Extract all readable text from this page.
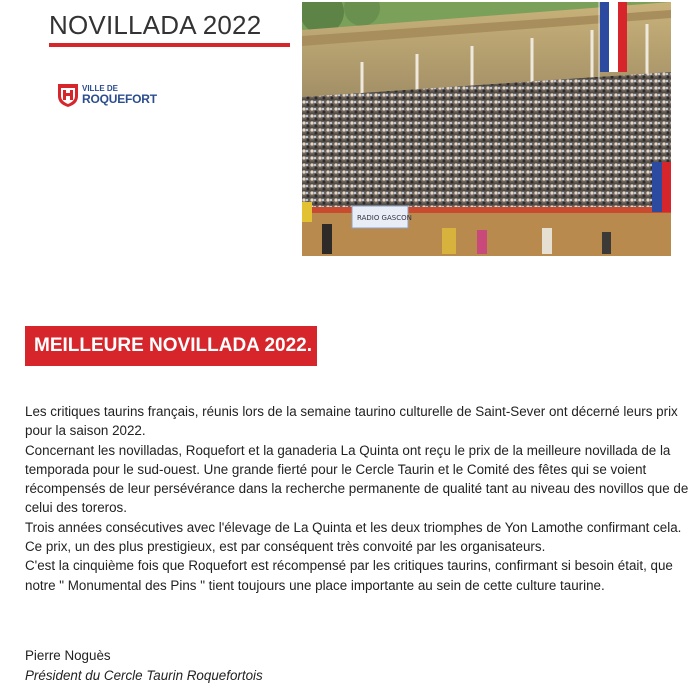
NOVILLADA 2022
VILLE DE
ROQUEFORT
RADIO GASCON
MEILLEURE NOVILLADA 2022.

Les critiques taurins français, réunis lors de la semaine taurino culturelle de Saint-Sever ont décerné leurs prix pour la saison 2022.

Concernant les novilladas, Roquefort et la ganaderia La Quinta ont reçu le prix de la meilleure novillada de la temporada pour le sud-ouest. Une grande fierté pour le Cercle Taurin et le Comité des fêtes qui se voient récompensés de leur persévérance dans la recherche permanente de qualité tant au niveau des novillos que de celui des toreros.

Trois années consécutives avec l'élevage de La Quinta et les deux triomphes de Yon Lamothe confirmant cela. Ce prix, un des plus prestigieux, est par conséquent très convoité par les organisateurs.

C'est la cinquième fois que Roquefort est récompensé par les critiques taurins, confirmant si besoin était, que notre " Monumental des Pins " tient toujours une place importante au sein de cette culture taurine.

Pierre Noguès
Président du Cercle Taurin Roquefortois
